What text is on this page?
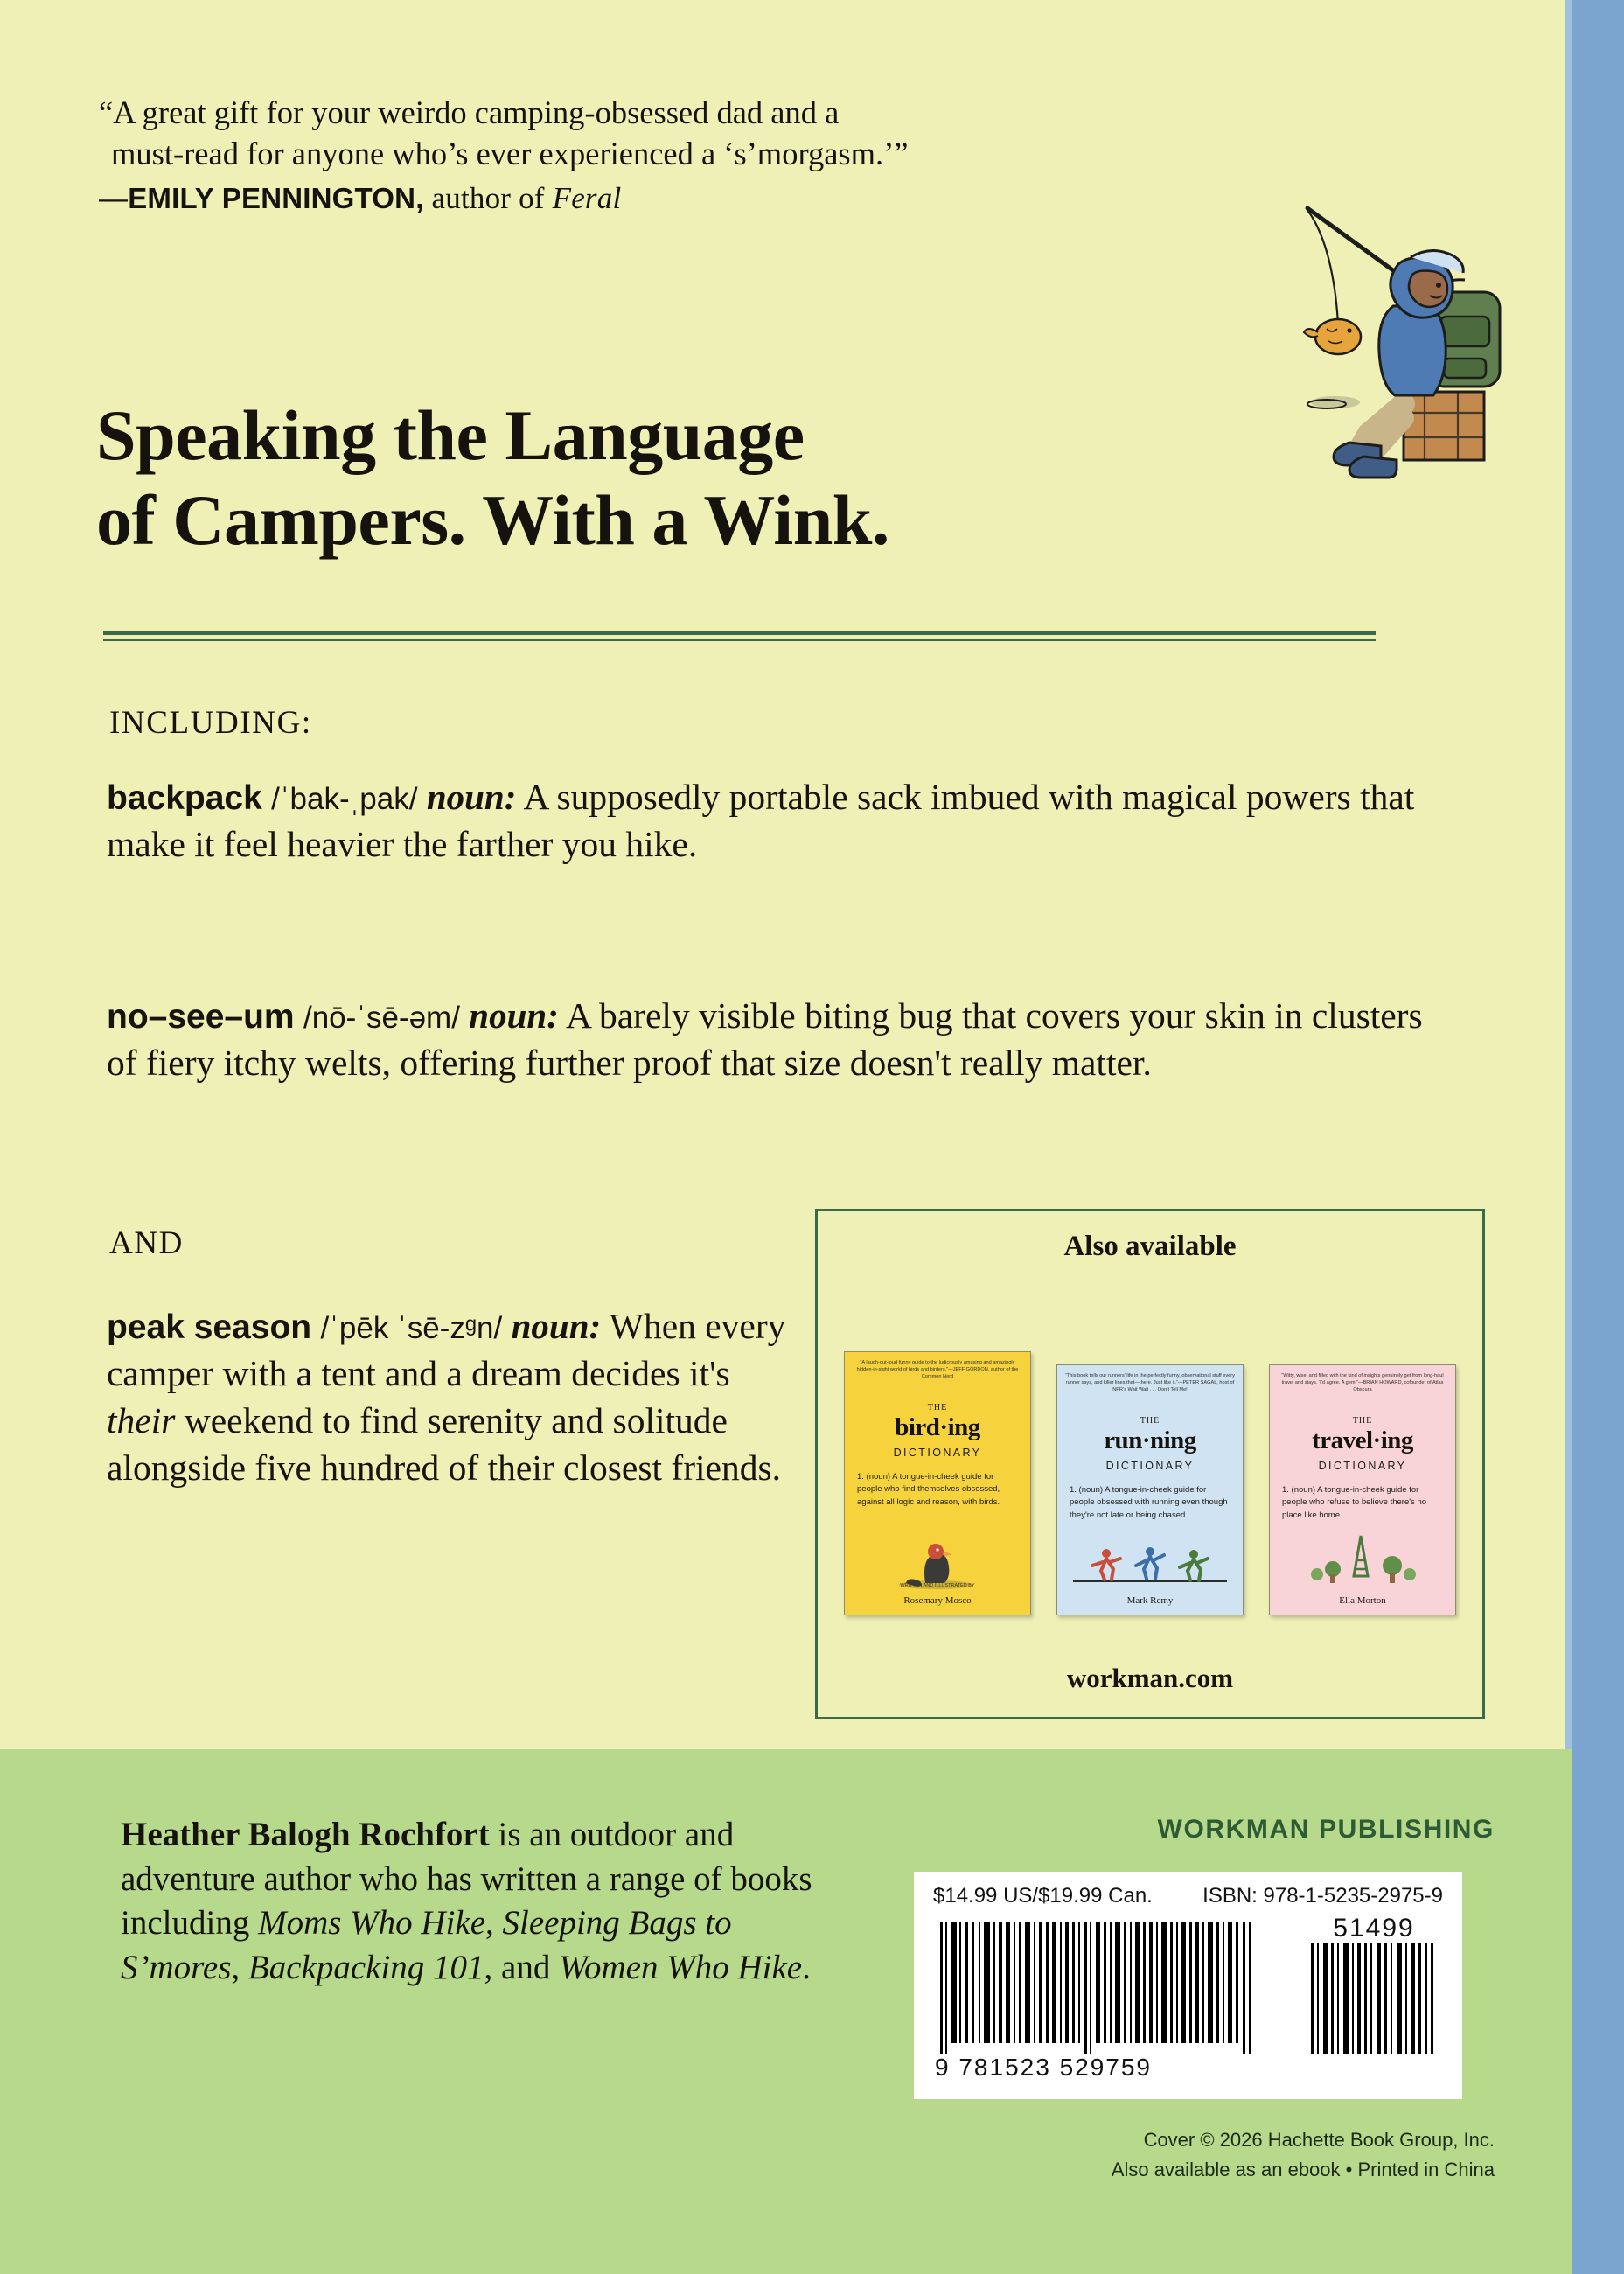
“A great gift for your weirdo camping-obsessed dad and a
must-read for anyone who’s ever experienced a ‘s’morgasm.’”
—EMILY PENNINGTON, author of Feral
Speaking the Language
of Campers. With a Wink.
INCLUDING:
backpack /ˈbak-ˌpak/ noun: A supposedly portable sack imbued with magical powers that make it feel heavier the farther you hike.
no–see–um /nō-ˈsē-əm/ noun: A barely visible biting bug that covers your skin in clusters of fiery itchy welts, offering further proof that size doesn't really matter.
AND
peak season /ˈpēk ˈsē-zᵍn/ noun: When every camper with a tent and a dream decides it's their weekend to find serenity and solitude alongside five hundred of their closest friends.
Also available
“A laugh-out-loud funny guide to the ludicrously amusing and amazingly hidden-in-sight world of birds and birders.”—JEFF GORDON, author of the Common Nerd
THE
bird·ing
DICTIONARY
1. (noun) A tongue-in-cheek guide for people who find themselves obsessed, against all logic and reason, with birds.
WRITTEN AND ILLUSTRATED BY
Rosemary Mosco
“This book tells our runners’ life in the perfectly funny, observational stuff every runner says, and killer lines that—there. Just like it.”—PETER SAGAL, host of NPR’s Wait Wait . . . Don’t Tell Me!
THE
run·ning
DICTIONARY
1. (noun) A tongue-in-cheek guide for people obsessed with running even though they're not late or being chased.
Mark Remy
“Witty, wise, and filled with the kind of insights genuinely get from long-haul travel and stays. ‘I’d agree. A gem!”—BRIAN HOWARD, cofounder of Atlas Obscura
THE
travel·ing
DICTIONARY
1. (noun) A tongue-in-cheek guide for people who refuse to believe there's no place like home.
Ella Morton
workman.com
Heather Balogh Rochfort is an outdoor and adventure author who has written a range of books including Moms Who Hike, Sleeping Bags to S’mores, Backpacking 101, and Women Who Hike.
WORKMAN PUBLISHING
$14.99 US/$19.99 Can. ISBN: 978-1-5235-2975-9
9 781523 529759
51499
Cover © 2026 Hachette Book Group, Inc.
Also available as an ebook • Printed in China
